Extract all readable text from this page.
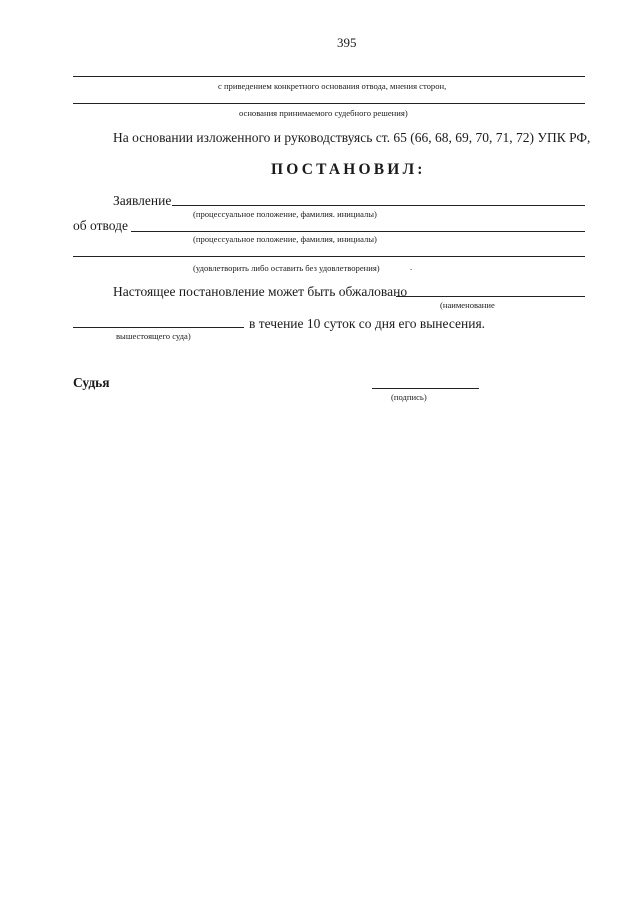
395
с приведением конкретного основания отвода, мнения сторон,
основания принимаемого судебного решения)
На основании изложенного и руководствуясь ст. 65 (66, 68, 69, 70, 71, 72) УПК РФ,
ПОСТАНОВИЛ:
Заявление
(процессуальное положение, фамилия. инициалы)
об отводе
(процессуальное положение, фамилия, инициалы)
(удовлетворить либо оставить без удовлетворения)	.
Настоящее постановление может быть обжаловано
(наименование
в течение 10 суток со дня его вынесения.
вышестоящего суда)
Судья
(подпись)
